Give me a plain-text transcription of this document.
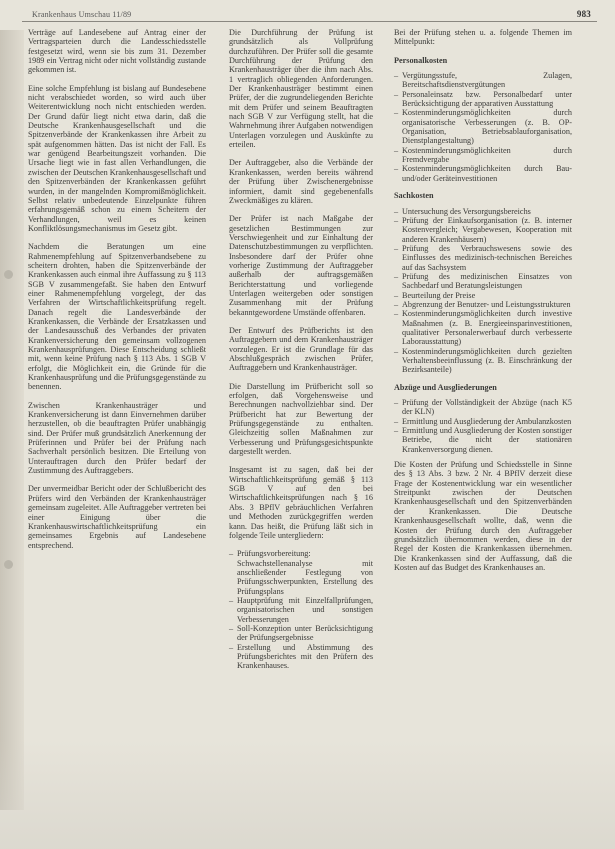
Krankenhaus Umschau 11/89	983

Verträge auf Landesebene auf Antrag einer der Vertragsparteien durch die Landesschiedsstelle festgesetzt wird, wenn sie bis zum 31. Dezember 1989 ein Vertrag nicht oder nicht vollständig zustande gekommen ist.

Eine solche Empfehlung ist bislang auf Bundesebene nicht verabschiedet worden, so wird auch über Weiterentwicklung noch nicht entschieden werden. Der Grund dafür liegt nicht etwa darin, daß die Deutsche Krankenhausgesellschaft und die Spitzenverbände der Krankenkassen ihre Arbeit zu spät aufgenommen hätten. Das ist nicht der Fall. Es war genügend Bearbeitungszeit vorhanden. Die Ursache liegt wie in fast allen Verhandlungen, die zwischen der Deutschen Krankenhausgesellschaft und den Spitzenverbänden der Krankenkassen geführt wurden, in der mangelnden Kompromißmöglichkeit. Selbst relativ unbedeutende Einzelpunkte führen erfahrungsgemäß schon zu einem Scheitern der Verhandlungen, weil es keinen Konfliktlösungsmechanismus im Gesetz gibt.

Nachdem die Beratungen um eine Rahmenempfehlung auf Spitzenverbandsebene zu scheitern drohten, haben die Spitzenverbände der Krankenkassen auch einmal ihre Auffassung zu § 113 SGB V zusammengefaßt. Sie haben den Entwurf einer Rahmenempfehlung vorgelegt, der das Verfahren der Wirtschaftlichkeitsprüfung regelt. Danach regelt die Landesverbände der Krankenkassen, die Verbände der Ersatzkassen und der Landesausschuß des Verbandes der privaten Krankenversicherung den gemeinsam vollzogenen Krankenhausprüfungen. Diese Entscheidung schließt mit, wenn keine Prüfung nach § 113 Abs. 1 SGB V erfolgt, die Möglichkeit ein, die Gründe für die Krankenhausprüfung und die Prüfungsgegenstände zu benennen.

Zwischen Krankenhausträger und Krankenversicherung ist dann Einvernehmen darüber herzustellen, ob die beauftragten Prüfer unabhängig sind. Der Prüfer muß grundsätzlich Anerkennung der Prüferinnen und Prüfer bei der Prüfung nach Sachverhalt persönlich besitzen. Die Erteilung von Unterauftragen durch den Prüfer bedarf der Zustimmung des Auftraggebers.

Der unvermeidbar Bericht oder der Schlußbericht des Prüfers wird den Verbänden der Krankenhausträger gemeinsam zugeleitet. Alle Auftraggeber vertreten bei einer Einigung über die Krankenhauswirtschaftlichkeitsprüfung ein gemeinsames Ergebnis auf Landesebene entsprechend.

Die Durchführung der Prüfung ist grundsätzlich als Vollprüfung durchzuführen. Der Prüfer soll die gesamte Durchführung der Prüfung den Krankenhausträger über die ihm nach Abs. 1 vertraglich obliegenden Anforderungen. Der Krankenhausträger bestimmt einen Prüfer, der die zugrundeliegenden Berichte mit dem Prüfer und seinem Beauftragten nach SGB V zur Verfügung stellt, hat die Wahrnehmung ihrer Aufgaben notwendigen Unterlagen vorzulegen und Auskünfte zu erteilen.

Der Auftraggeber, also die Verbände der Krankenkassen, werden bereits während der Prüfung über Zwischenergebnisse informiert, damit sind gegebenenfalls Zweckmäßiges zu klären.

Der Prüfer ist nach Maßgabe der gesetzlichen Bestimmungen zur Verschwiegenheit und zur Einhaltung der Datenschutzbestimmungen zu verpflichten. Insbesondere darf der Prüfer ohne vorherige Zustimmung der Auftraggeber außerhalb der auftragsgemäßen Berichterstattung und vorliegende Unterlagen weitergeben oder sonstigen Zusammenhang mit der Prüfung bekanntgewordene Umstände offenbaren.

Der Entwurf des Prüfberichts ist den Auftraggebern und dem Krankenhausträger vorzulegen. Er ist die Grundlage für das Abschlußgespräch zwischen Prüfer, Auftraggebern und Krankenhausträger.

Die Darstellung im Prüfbericht soll so erfolgen, daß Vorgehensweise und Berechnungen nachvollziehbar sind. Der Prüfbericht hat zur Bewertung der Prüfungsgegenstände zu enthalten. Gleichzeitig sollen Maßnahmen zur Verbesserung und Prüfungsgesichtspunkte dargestellt werden.

Insgesamt ist zu sagen, daß bei der Wirtschaftlichkeitsprüfung gemäß § 113 SGB V auf den bei Wirtschaftlichkeitsprüfungen nach § 16 Abs. 3 BPflV gebräuchlichen Verfahren und Methoden zurückgegriffen werden kann. Das heißt, die Prüfung läßt sich in folgende Teile untergliedern:

– Prüfungsvorbereitung: Schwachstellenanalyse mit anschließender Festlegung von Prüfungsschwerpunkten, Erstellung des Prüfungsplans
– Hauptprüfung mit Einzelfallprüfungen, organisatorischen und sonstigen Verbesserungen
– Soll-Konzeption unter Berücksichtigung der Prüfungsergebnisse
– Erstellung und Abstimmung des Prüfungsberichtes mit den Prüfern des Krankenhauses.

Bei der Prüfung stehen u. a. folgende Themen im Mittelpunkt:

Personalkosten
– Vergütungsstufe, Zulagen, Bereitschaftsdienstvergütungen
– Personaleinsatz bzw. Personalbedarf unter Berücksichtigung der apparativen Ausstattung
– Kostenminderungsmöglichkeiten durch organisatorische Verbesserungen (z. B. OP-Organisation, Betriebsablauforganisation, Dienstplangestaltung)
– Kostenminderungsmöglichkeiten durch Fremdvergabe
– Kostenminderungsmöglichkeiten durch Bau- und/oder Geräteinvestitionen
Sachkosten
– Untersuchung des Versorgungsbereichs
– Prüfung der Einkaufsorganisation (z. B. interner Kostenvergleich; Vergabewesen, Kooperation mit anderen Krankenhäusern)
– Prüfung des Verbrauchswesens sowie des Einflusses des medizinisch-technischen Bereiches auf das Sachsystem
– Prüfung des medizinischen Einsatzes von Sachbedarf und Beratungsleistungen
– Beurteilung der Preise
– Abgrenzung der Benutzer- und Leistungsstrukturen
– Kostenminderungsmöglichkeiten durch investive Maßnahmen (z. B. Energieeinsparinvestitionen, qualitativer Personalerwerbauf durch verbesserte Laborausstattung)
– Kostenminderungsmöglichkeiten durch gezielten Verhaltensbeeinflussung (z. B. Einschränkung der Bezirksanteile)
Abzüge und Ausgliederungen
– Prüfung der Vollständigkeit der Abzüge (nach K5 der KLN)
– Ermittlung und Ausgliederung der Ambulanzkosten
– Ermittlung und Ausgliederung der Kosten sonstiger Betriebe, die nicht der stationären Krankenversorgung dienen.

Die Kosten der Prüfung und Schiedsstelle in Sinne des § 13 Abs. 3 bzw. 2 Nr. 4 BPflV derzeit diese Frage der Kostenentwicklung war ein wesentlicher Streitpunkt zwischen der Deutschen Krankenhausgesellschaft und den Spitzenverbänden der Krankenkassen. Die Deutsche Krankenhausgesellschaft wollte, daß, wenn die Kosten der Prüfung durch den Auftraggeber grundsätzlich übernommen werden, diese in der Regel der Kosten die Krankenkassen übernehmen. Die Krankenkassen sind der Auffassung, daß die Kosten auf das Budget des Krankenhauses an.
